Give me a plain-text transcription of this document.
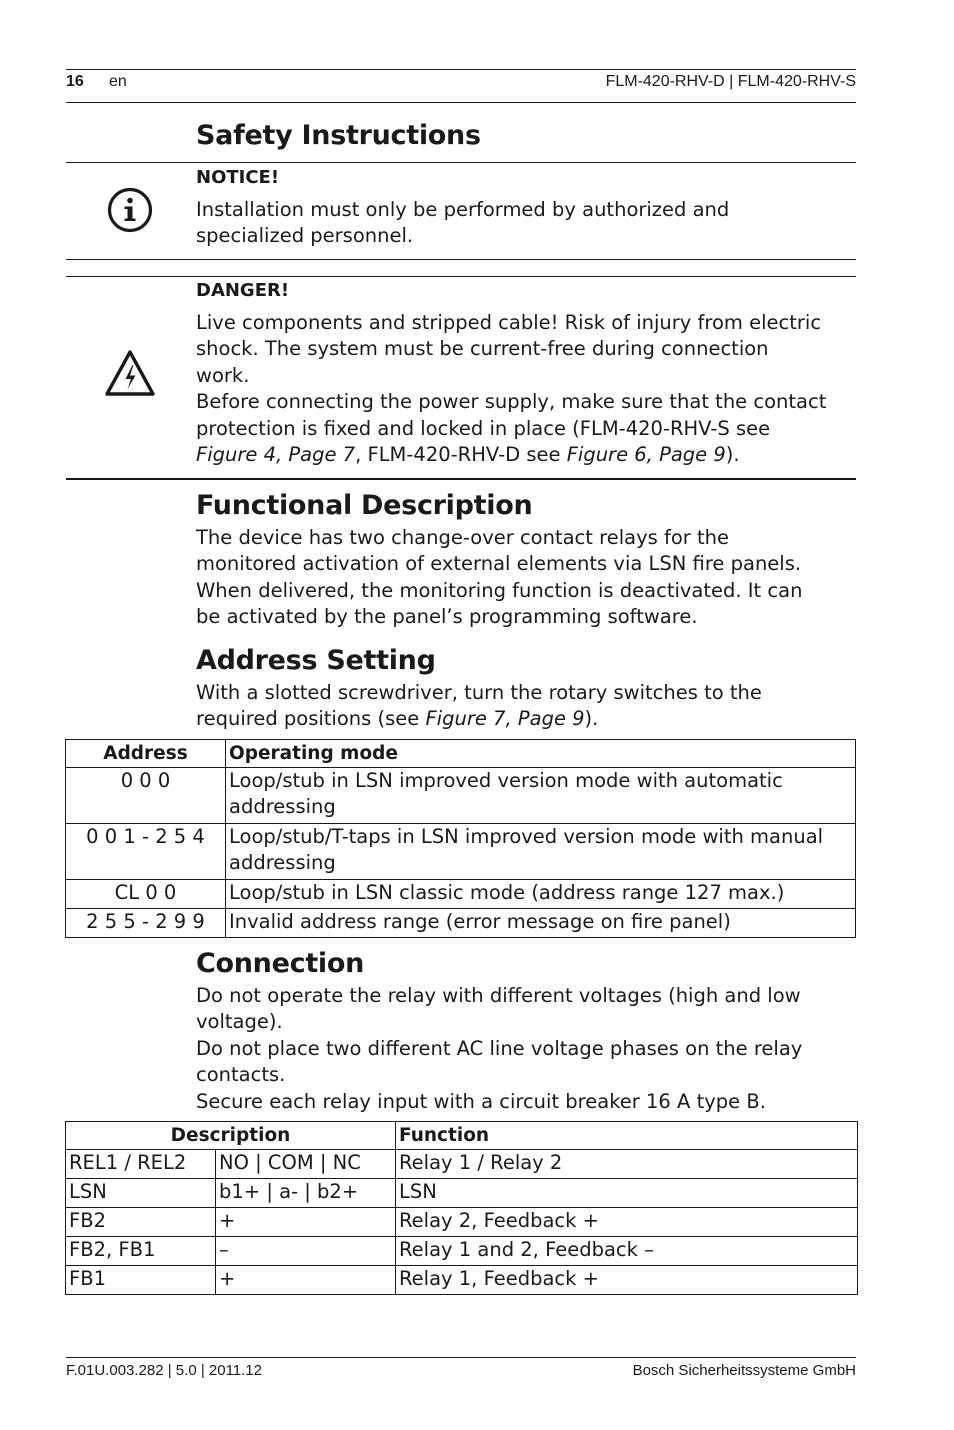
16 en	FLM-420-RHV-D | FLM-420-RHV-S
Safety Instructions
NOTICE!
Installation must only be performed by authorized and
specialized personnel.
DANGER!
Live components and stripped cable! Risk of injury from electric
shock. The system must be current-free during connection
work.
Before connecting the power supply, make sure that the contact
protection is fixed and locked in place (FLM-420-RHV-S see
Figure 4, Page 7, FLM-420-RHV-D see Figure 6, Page 9).
Functional Description
The device has two change-over contact relays for the
monitored activation of external elements via LSN fire panels.
When delivered, the monitoring function is deactivated. It can
be activated by the panel’s programming software.
Address Setting
With a slotted screwdriver, turn the rotary switches to the
required positions (see Figure 7, Page 9).
Address	Operating mode
0 0 0	Loop/stub in LSN improved version mode with automatic addressing
0 0 1 - 2 5 4	Loop/stub/T-taps in LSN improved version mode with manual addressing
CL 0 0	Loop/stub in LSN classic mode (address range 127 max.)
2 5 5 - 2 9 9	Invalid address range (error message on fire panel)
Connection
Do not operate the relay with different voltages (high and low
voltage).
Do not place two different AC line voltage phases on the relay
contacts.
Secure each relay input with a circuit breaker 16 A type B.
Description		Function
REL1 / REL2	NO | COM | NC	Relay 1 / Relay 2
LSN	b1+ | a- | b2+	LSN
FB2	+	Relay 2, Feedback +
FB2, FB1	–	Relay 1 and 2, Feedback –
FB1	+	Relay 1, Feedback +
F.01U.003.282 | 5.0 | 2011.12	Bosch Sicherheitssysteme GmbH
